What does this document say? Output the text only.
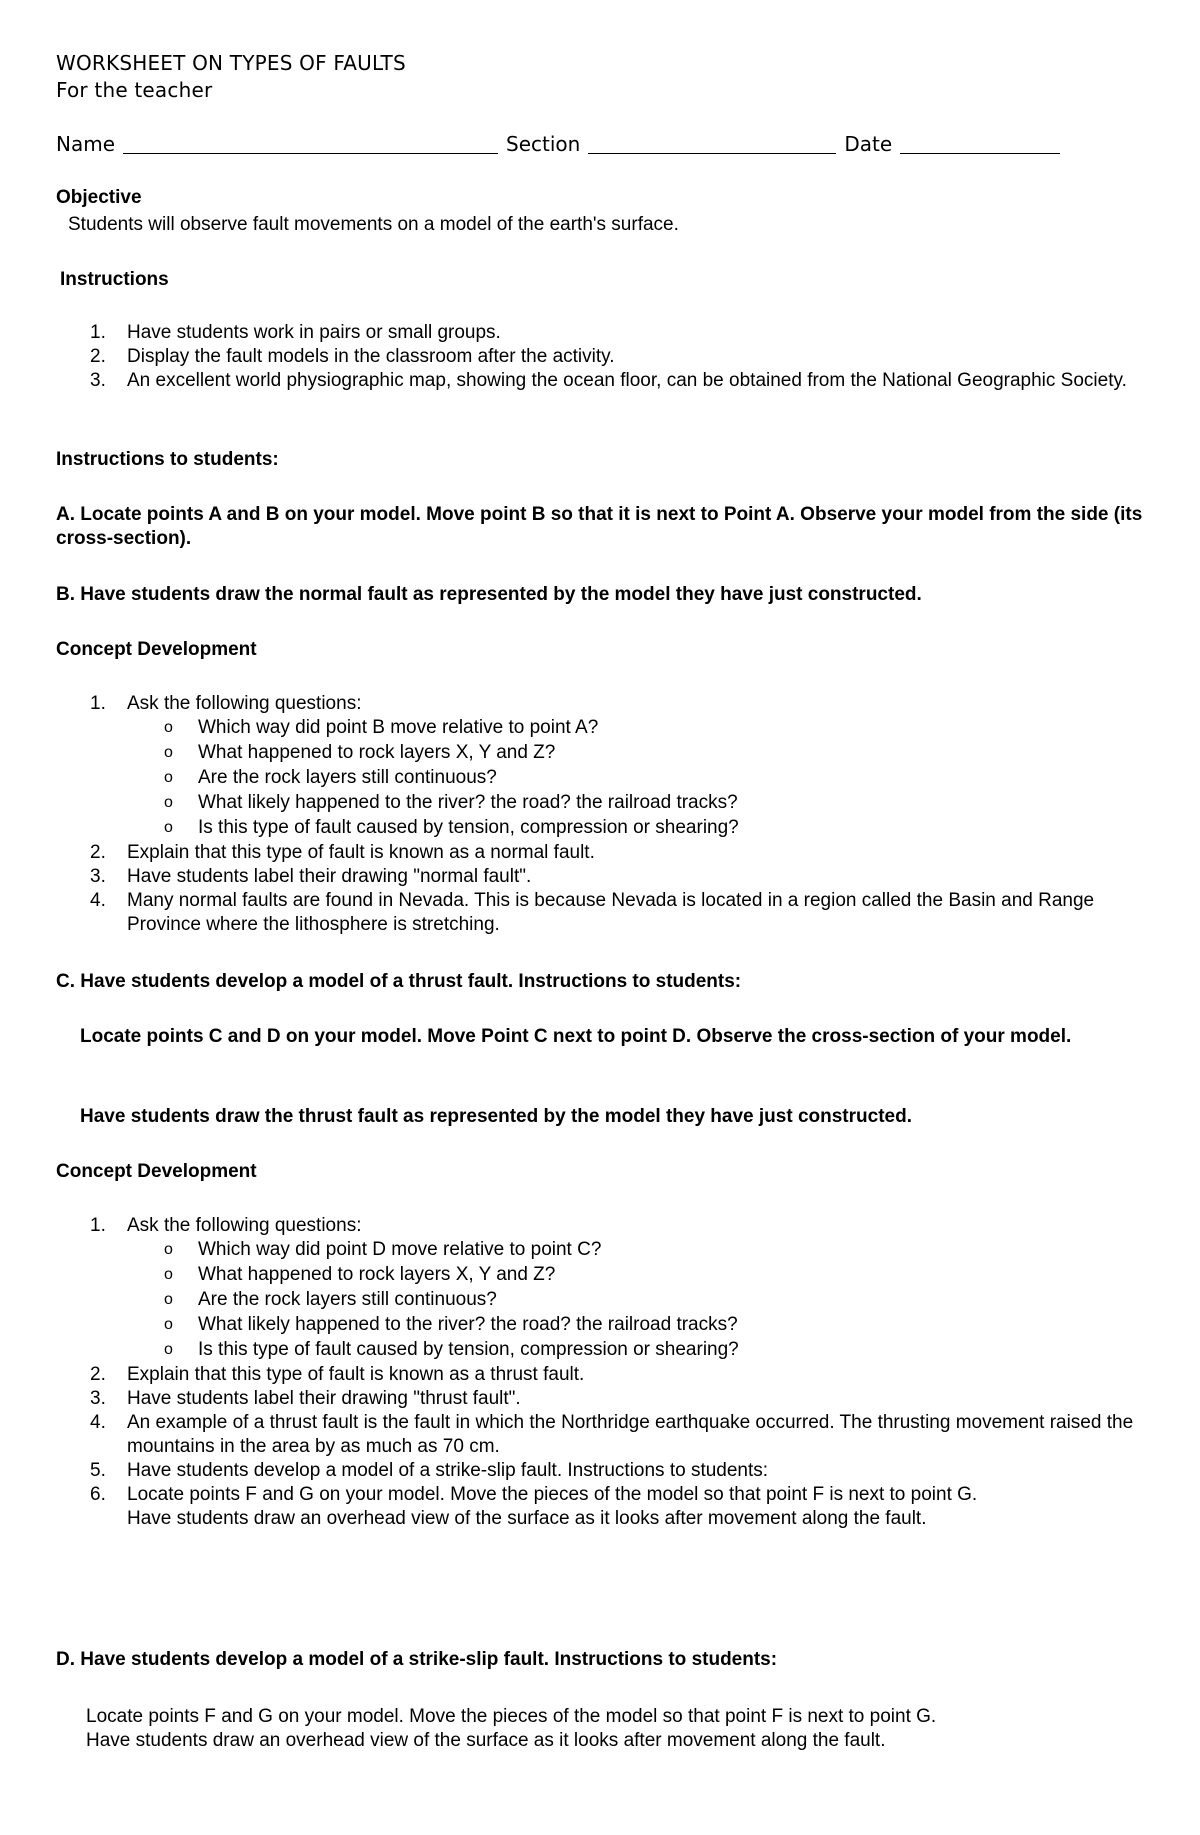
WORKSHEET ON TYPES OF FAULTS
For the teacher
Name	Section	Date
Objective
Students will observe fault movements on a model of the earth's surface.
Instructions
1.	Have students work in pairs or small groups.
2.	Display the fault models in the classroom after the activity.
3.	An excellent world physiographic map, showing the ocean floor, can be obtained from the National Geographic Society.
Instructions to students:
A. Locate points A and B on your model. Move point B so that it is next to Point A. Observe your model from the side (its cross-section).
B. Have students draw the normal fault as represented by the model they have just constructed.
Concept Development
1.	Ask the following questions:
o Which way did point B move relative to point A?
o What happened to rock layers X, Y and Z?
o Are the rock layers still continuous?
o What likely happened to the river? the road? the railroad tracks?
o Is this type of fault caused by tension, compression or shearing?
2.	Explain that this type of fault is known as a normal fault.
3.	Have students label their drawing "normal fault".
4.	Many normal faults are found in Nevada. This is because Nevada is located in a region called the Basin and Range Province where the lithosphere is stretching.
C. Have students develop a model of a thrust fault. Instructions to students:
Locate points C and D on your model. Move Point C next to point D. Observe the cross-section of your model.
Have students draw the thrust fault as represented by the model they have just constructed.
Concept Development
1.	Ask the following questions:
o Which way did point D move relative to point C?
o What happened to rock layers X, Y and Z?
o Are the rock layers still continuous?
o What likely happened to the river? the road? the railroad tracks?
o Is this type of fault caused by tension, compression or shearing?
2.	Explain that this type of fault is known as a thrust fault.
3.	Have students label their drawing "thrust fault".
4.	An example of a thrust fault is the fault in which the Northridge earthquake occurred. The thrusting movement raised the mountains in the area by as much as 70 cm.
5.	Have students develop a model of a strike-slip fault. Instructions to students:
6.	Locate points F and G on your model. Move the pieces of the model so that point F is next to point G.
Have students draw an overhead view of the surface as it looks after movement along the fault.
D. Have students develop a model of a strike-slip fault. Instructions to students:
Locate points F and G on your model. Move the pieces of the model so that point F is next to point G.
Have students draw an overhead view of the surface as it looks after movement along the fault.
